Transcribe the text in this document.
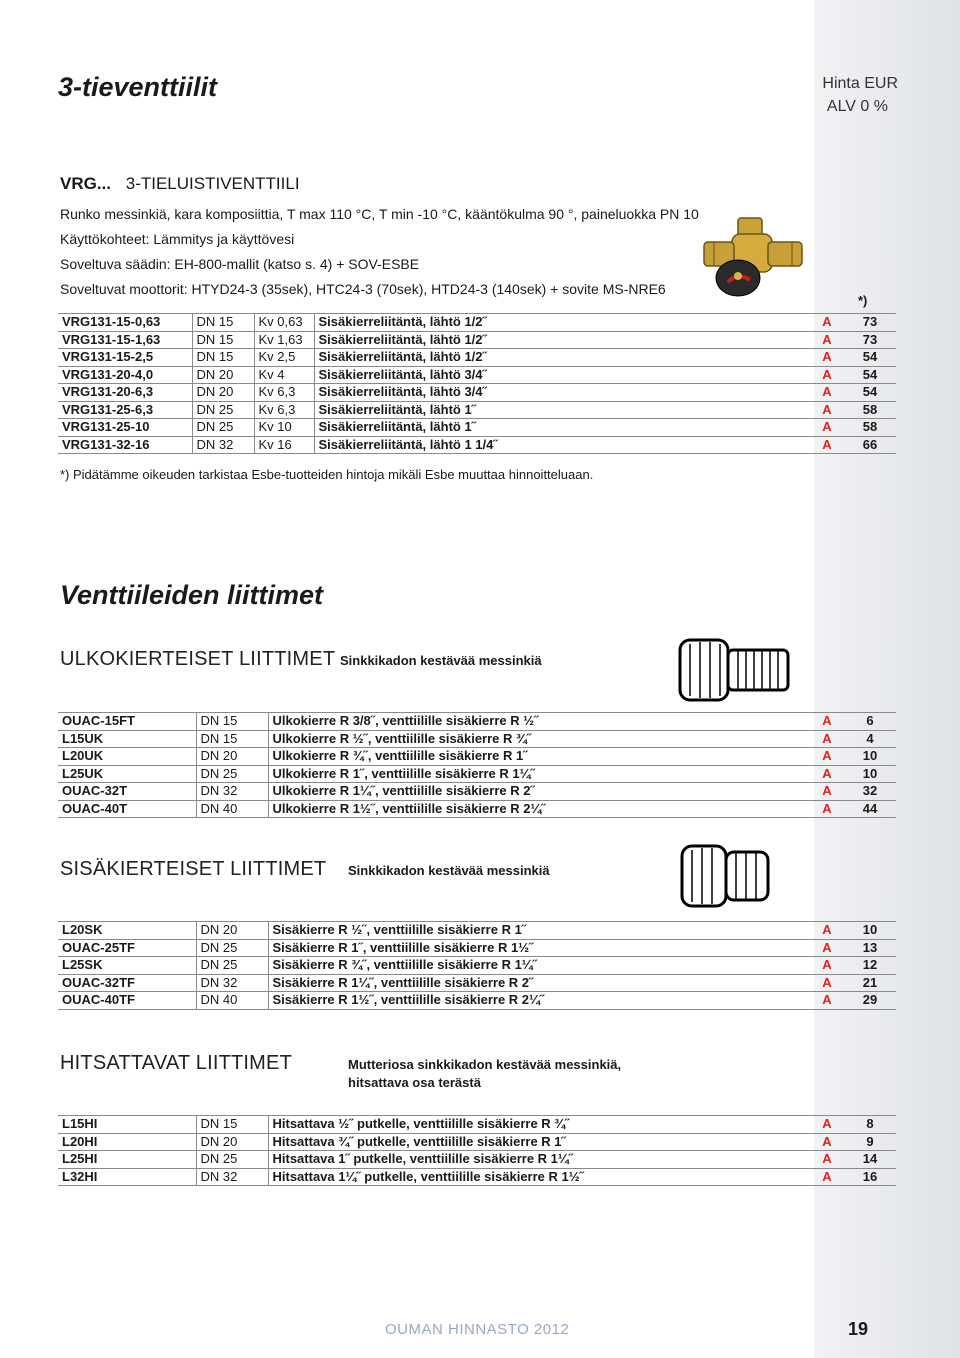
3-tieventtiilit	Hinta EUR
ALV 0 %
VRG... 3-TIELUISTIVENTTIILI
Runko messinkiä, kara komposiittia, T max 110 °C, T min -10 °C, kääntökulma 90 °, paineluokka PN 10
Käyttökohteet: Lämmitys ja käyttövesi
Soveltuva säädin: EH-800-mallit (katso s. 4) + SOV-ESBE
Soveltuvat moottorit: HTYD24-3 (35sek), HTC24-3 (70sek), HTD24-3 (140sek) + sovite MS-NRE6
*)
VRG131-15-0,63	DN 15	Kv 0,63	Sisäkierreliitäntä, lähtö 1/2˝	A	73
VRG131-15-1,63	DN 15	Kv 1,63	Sisäkierreliitäntä, lähtö 1/2˝	A	73
VRG131-15-2,5	DN 15	Kv 2,5	Sisäkierreliitäntä, lähtö 1/2˝	A	54
VRG131-20-4,0	DN 20	Kv 4	Sisäkierreliitäntä, lähtö 3/4˝	A	54
VRG131-20-6,3	DN 20	Kv 6,3	Sisäkierreliitäntä, lähtö 3/4˝	A	54
VRG131-25-6,3	DN 25	Kv 6,3	Sisäkierreliitäntä, lähtö 1˝	A	58
VRG131-25-10	DN 25	Kv 10	Sisäkierreliitäntä, lähtö 1˝	A	58
VRG131-32-16	DN 32	Kv 16	Sisäkierreliitäntä, lähtö 1 1/4˝	A	66
*) Pidätämme oikeuden tarkistaa Esbe-tuotteiden hintoja mikäli Esbe muuttaa hinnoitteluaan.
Venttiileiden liittimet
ULKOKIERTEISET LIITTIMET Sinkkikadon kestävää messinkiä
OUAC-15FT	DN 15	Ulkokierre R 3/8˝, venttiilille sisäkierre R ½˝	A	6
L15UK	DN 15	Ulkokierre R ½˝, venttiilille sisäkierre R ¾˝	A	4
L20UK	DN 20	Ulkokierre R ¾˝, venttiilille sisäkierre R 1˝	A	10
L25UK	DN 25	Ulkokierre R 1˝, venttiilille sisäkierre R 1¼˝	A	10
OUAC-32T	DN 32	Ulkokierre R 1¼˝, venttiilille sisäkierre R 2˝	A	32
OUAC-40T	DN 40	Ulkokierre R 1½˝, venttiilille sisäkierre R 2¼˝	A	44
SISÄKIERTEISET LIITTIMET Sinkkikadon kestävää messinkiä
L20SK	DN 20	Sisäkierre R ½˝, venttiilille sisäkierre R 1˝	A	10
OUAC-25TF	DN 25	Sisäkierre R 1˝, venttiilille sisäkierre R 1½˝	A	13
L25SK	DN 25	Sisäkierre R ¾˝, venttiilille sisäkierre R 1¼˝	A	12
OUAC-32TF	DN 32	Sisäkierre R 1¼˝, venttiilille sisäkierre R 2˝	A	21
OUAC-40TF	DN 40	Sisäkierre R 1½˝, venttiilille sisäkierre R 2¼˝	A	29
HITSATTAVAT LIITTIMET	Mutteriosa sinkkikadon kestävää messinkiä,
hitsattava osa terästä
L15HI	DN 15	Hitsattava ½˝ putkelle, venttiilille sisäkierre R ¾˝	A	8
L20HI	DN 20	Hitsattava ¾˝ putkelle, venttiilille sisäkierre R 1˝	A	9
L25HI	DN 25	Hitsattava 1˝ putkelle, venttiilille sisäkierre R 1¼˝	A	14
L32HI	DN 32	Hitsattava 1¼˝ putkelle, venttiilille sisäkierre R 1½˝	A	16
OUMAN HINNASTO 2012	19
